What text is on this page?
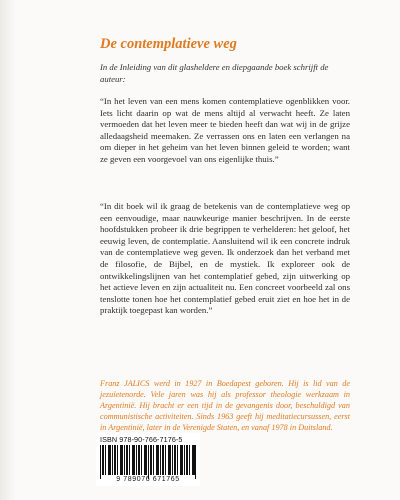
De contemplatieve weg

In de Inleiding van dit glasheldere en diepgaande boek schrijft de auteur:

“In het leven van een mens komen contemplatieve ogenblikken voor. Iets licht daarin op wat de mens altijd al verwacht heeft. Ze laten vermoeden dat het leven meer te bieden heeft dan wat wij in de grijze alledaagsheid meemaken. Ze verrassen ons en laten een verlangen na om dieper in het geheim van het leven binnen geleid te worden; want ze geven een voorgevoel van ons eigenlijke thuis.”

“In dit boek wil ik graag de betekenis van de contemplatieve weg op een eenvoudige, maar nauwkeurige manier beschrijven. In de eerste hoofdstukken probeer ik drie begrippen te verhelderen: het geloof, het eeuwig leven, de contemplatie. Aansluitend wil ik een concrete indruk van de contemplatieve weg geven. Ik onderzoek dan het verband met de filosofie, de Bijbel, en de mystiek. Ik exploreer ook de ontwikkelingslijnen van het contemplatief gebed, zijn uitwerking op het actieve leven en zijn actualiteit nu. Een concreet voorbeeld zal ons tenslotte tonen hoe het contemplatief gebed eruit ziet en hoe het in de praktijk toegepast kan worden.”

Franz JALICS werd in 1927 in Boedapest geboren. Hij is lid van de jezuïetenorde. Vele jaren was hij als professor theologie werkzaam in Argentinië. Hij bracht er een tijd in de gevangenis door, beschuldigd van communistische activiteiten. Sinds 1963 geeft hij meditatiecursussen, eerst in Argentinië, later in de Verenigde Staten, en vanaf 1978 in Duitsland.

ISBN 978-90-766-7176-5
9 789076 671765
